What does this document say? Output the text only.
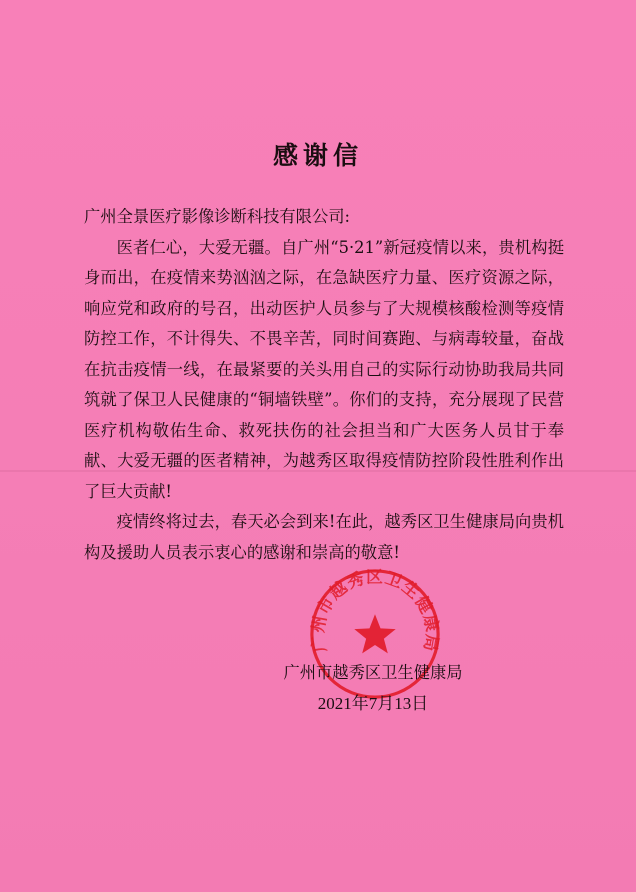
感谢信

广州全景医疗影像诊断科技有限公司:

医者仁心，大爱无疆。自广州“5·21”新冠疫情以来，贵机构挺身而出，在疫情来势汹汹之际，在急缺医疗力量、医疗资源之际，响应党和政府的号召，出动医护人员参与了大规模核酸检测等疫情防控工作，不计得失、不畏辛苦，同时间赛跑、与病毒较量，奋战在抗击疫情一线，在最紧要的关头用自己的实际行动协助我局共同筑就了保卫人民健康的“铜墙铁壁”。你们的支持，充分展现了民营医疗机构敬佑生命、救死扶伤的社会担当和广大医务人员甘于奉献、大爱无疆的医者精神，为越秀区取得疫情防控阶段性胜利作出了巨大贡献!

疫情终将过去，春天必会到来!在此，越秀区卫生健康局向贵机构及援助人员表示衷心的感谢和崇高的敬意!

广州市越秀区卫生健康局
广州市越秀区卫生健康局
2021年7月13日
